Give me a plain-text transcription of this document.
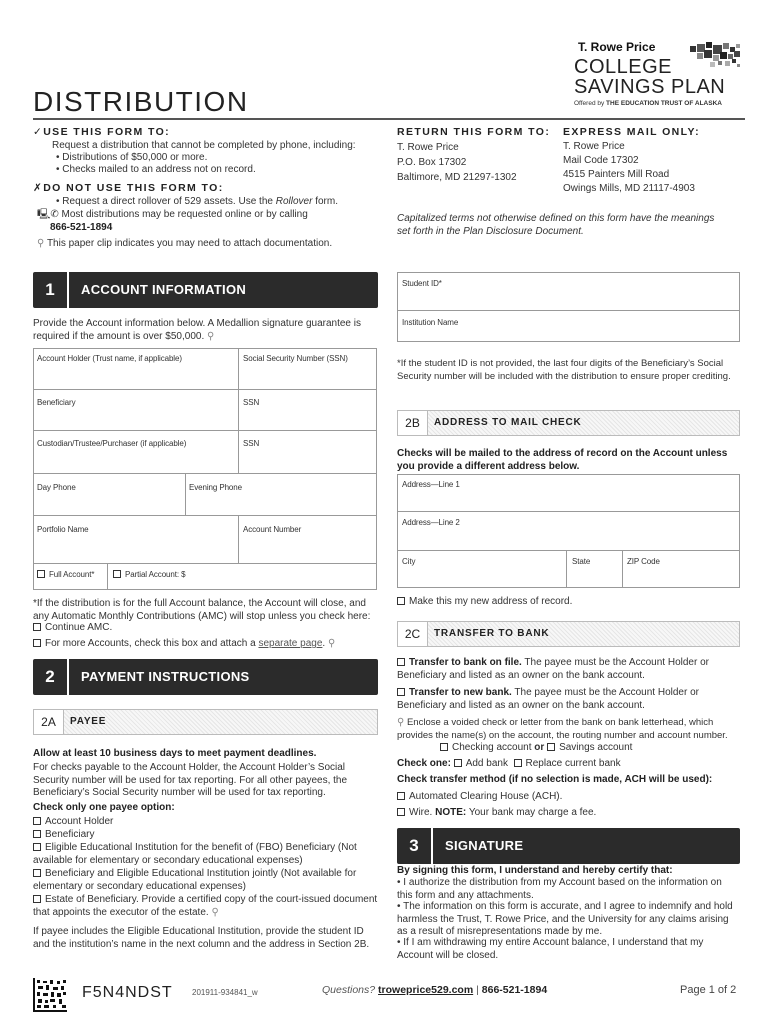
DISTRIBUTION
T. Rowe Price
COLLEGE
SAVINGS PLAN
Offered by THE EDUCATION TRUST OF ALASKA
✓USE THIS FORM TO:
Request a distribution that cannot be completed by phone, including:
• Distributions of $50,000 or more.
• Checks mailed to an address not on record.
✗DO NOT USE THIS FORM TO:
• Request a direct rollover of 529 assets. Use the Rollover form.
🖳✆ Most distributions may be requested online or by calling
866-521-1894
⚲ This paper clip indicates you may need to attach documentation.
RETURN THIS FORM TO:
T. Rowe Price
P.O. Box 17302
Baltimore, MD 21297-1302
EXPRESS MAIL ONLY:
T. Rowe Price
Mail Code 17302
4515 Painters Mill Road
Owings Mills, MD 21117-4903
Capitalized terms not otherwise defined on this form have the meanings set forth in the Plan Disclosure Document.
1	ACCOUNT INFORMATION
Provide the Account information below. A Medallion signature guarantee is required if the amount is over $50,000. ⚲
Account Holder (Trust name, if applicable)	Social Security Number (SSN)
Beneficiary	SSN
Custodian/Trustee/Purchaser (if applicable)	SSN
Day Phone	Evening Phone
Portfolio Name	Account Number
Full Account*	Partial Account: $
*If the distribution is for the full Account balance, the Account will close, and any Automatic Monthly Contributions (AMC) will stop unless you check here:
Continue AMC.
For more Accounts, check this box and attach a separate page. ⚲
2	PAYMENT INSTRUCTIONS
2A	PAYEE
Allow at least 10 business days to meet payment deadlines.
For checks payable to the Account Holder, the Account Holder’s Social Security number will be used for tax reporting. For all other payees, the Beneficiary’s Social Security number will be used for tax reporting.
Check only one payee option:
Account Holder
Beneficiary
Eligible Educational Institution for the benefit of (FBO) Beneficiary (Not available for elementary or secondary educational expenses)
Beneficiary and Eligible Educational Institution jointly (Not available for elementary or secondary educational expenses)
Estate of Beneficiary. Provide a certified copy of the court-issued document that appoints the executor of the estate. ⚲
If payee includes the Eligible Educational Institution, provide the student ID and the institution’s name in the next column and the address in Section 2B.
Student ID*
Institution Name
*If the student ID is not provided, the last four digits of the Beneficiary’s Social Security number will be included with the distribution to ensure proper crediting.
2B	ADDRESS TO MAIL CHECK
Checks will be mailed to the address of record on the Account unless you provide a different address below.
Address—Line 1
Address—Line 2
City	State	ZIP Code
Make this my new address of record.
2C	TRANSFER TO BANK
Transfer to bank on file. The payee must be the Account Holder or Beneficiary and listed as an owner on the bank account.
Transfer to new bank. The payee must be the Account Holder or Beneficiary and listed as an owner on the bank account.
⚲ Enclose a voided check or letter from the bank on bank letterhead, which provides the name(s) on the account, the routing number and account number.
Checking account or Savings account
Check one: Add bank Replace current bank
Check transfer method (if no selection is made, ACH will be used):
Automated Clearing House (ACH).
Wire. NOTE: Your bank may charge a fee.
3	SIGNATURE
By signing this form, I understand and hereby certify that:
• I authorize the distribution from my Account based on the information on this form and any attachments.
• The information on this form is accurate, and I agree to indemnify and hold harmless the Trust, T. Rowe Price, and the University for any claims arising as a result of misrepresentations made by me.
• If I am withdrawing my entire Account balance, I understand that my Account will be closed.
F5N4NDST 201911-934841_w	Questions? troweprice529.com | 866-521-1894	Page 1 of 2
